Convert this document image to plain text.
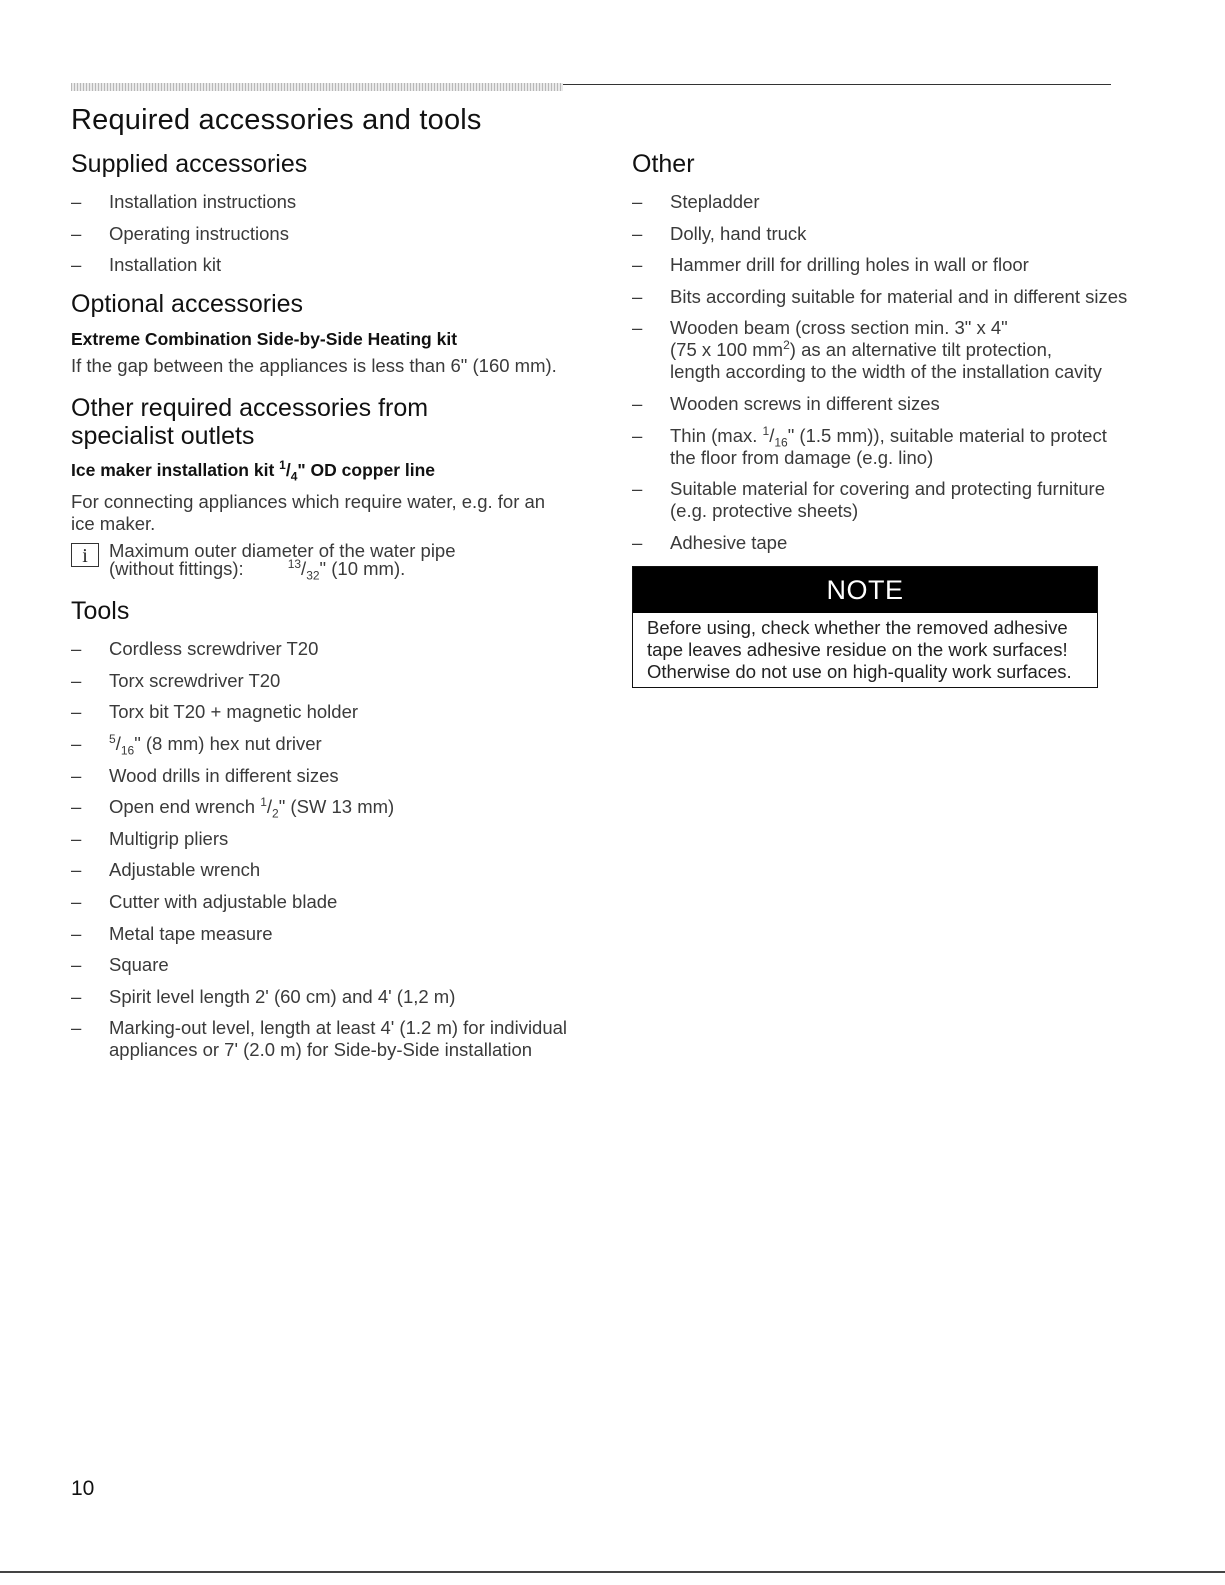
Required accessories and tools
Supplied accessories
– Installation instructions
– Operating instructions
– Installation kit
Optional accessories
Extreme Combination Side-by-Side Heating kit

If the gap between the appliances is less than 6" (160 mm).

Other required accessories from
specialist outlets
Ice maker installation kit $^1/_4$" OD copper line

For connecting appliances which require water, e.g. for an ice maker.

i	Maximum outer diameter of the water pipe
(without fittings):	$^{13}/_{32}$" (10 mm).
Tools
– Cordless screwdriver T20
– Torx screwdriver T20
– Torx bit T20 + magnetic holder
– $^5/_{16}$" (8 mm) hex nut driver
– Wood drills in different sizes
– Open end wrench $^1/_2$" (SW 13 mm)
– Multigrip pliers
– Adjustable wrench
– Cutter with adjustable blade
– Metal tape measure
– Square
– Spirit level length 2' (60 cm) and 4' (1,2 m)
– Marking-out level, length at least 4' (1.2 m) for individual
appliances or 7' (2.0 m) for Side-by-Side installation
Other
– Stepladder
– Dolly, hand truck
– Hammer drill for drilling holes in wall or floor
– Bits according suitable for material and in different sizes
– Wooden beam (cross section min. 3" x 4"
(75 x 100 $mm^2$) as an alternative tilt protection,
length according to the width of the installation cavity
– Wooden screws in different sizes
– Thin (max. $^1/_{16}$" (1.5 mm)), suitable material to protect
the floor from damage (e.g. lino)
– Suitable material for covering and protecting furniture
(e.g. protective sheets)
– Adhesive tape
NOTE
Before using, check whether the removed adhesive
tape leaves adhesive residue on the work surfaces!
Otherwise do not use on high-quality work surfaces.
10
